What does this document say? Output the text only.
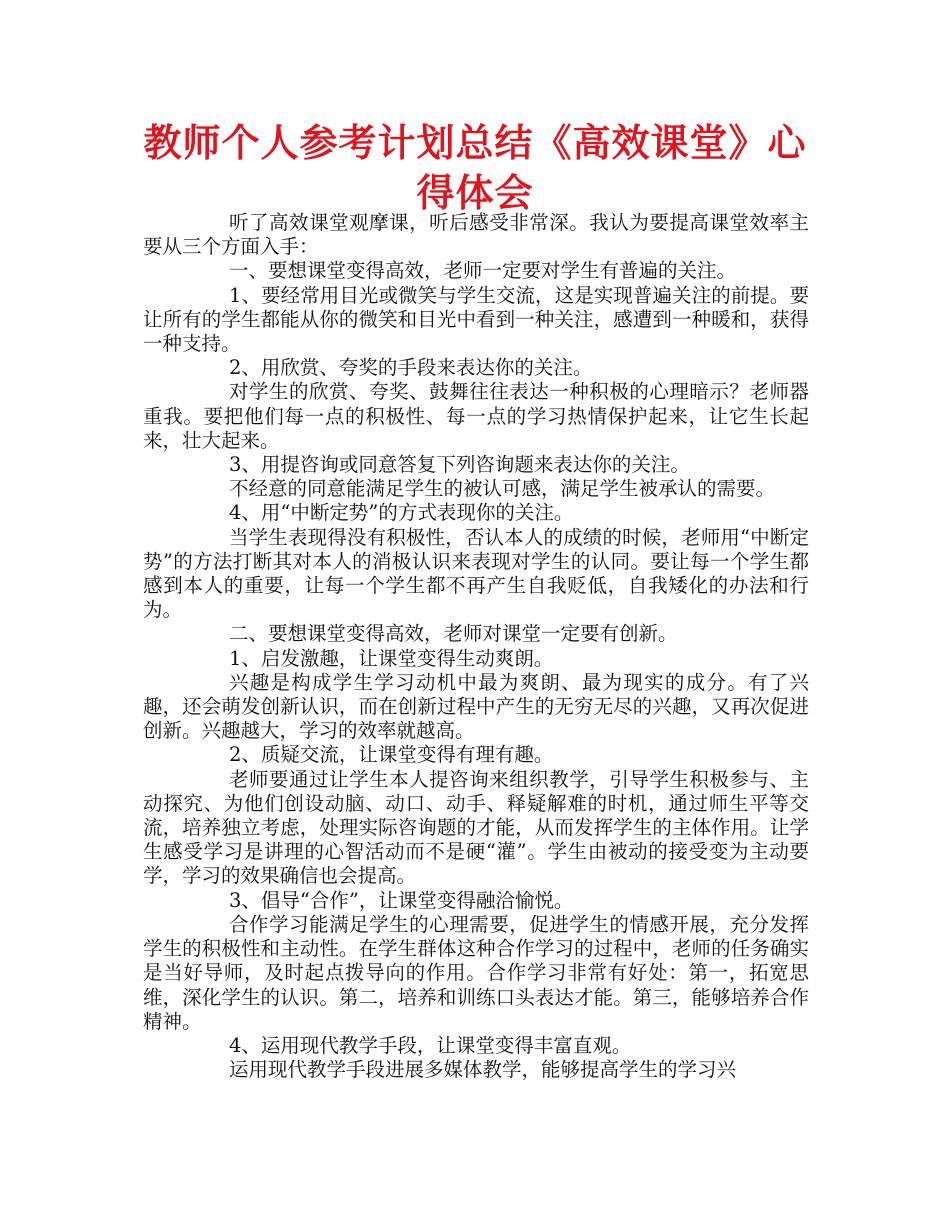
教师个人参考计划总结《高效课堂》心得体会

听了高效课堂观摩课，听后感受非常深。我认为要提高课堂效率主要从三个方面入手：

一、要想课堂变得高效，老师一定要对学生有普遍的关注。

1、要经常用目光或微笑与学生交流，这是实现普遍关注的前提。要让所有的学生都能从你的微笑和目光中看到一种关注，感遭到一种暖和，获得一种支持。

2、用欣赏、夸奖的手段来表达你的关注。

对学生的欣赏、夸奖、鼓舞往往表达一种积极的心理暗示？老师器重我。要把他们每一点的积极性、每一点的学习热情保护起来，让它生长起来，壮大起来。

3、用提咨询或同意答复下列咨询题来表达你的关注。

不经意的同意能满足学生的被认可感，满足学生被承认的需要。

4、用“中断定势”的方式表现你的关注。

当学生表现得没有积极性，否认本人的成绩的时候，老师用“中断定势”的方法打断其对本人的消极认识来表现对学生的认同。要让每一个学生都感到本人的重要，让每一个学生都不再产生自我贬低，自我矮化的办法和行为。

二、要想课堂变得高效，老师对课堂一定要有创新。

1、启发激趣，让课堂变得生动爽朗。

兴趣是构成学生学习动机中最为爽朗、最为现实的成分。有了兴趣，还会萌发创新认识，而在创新过程中产生的无穷无尽的兴趣，又再次促进创新。兴趣越大，学习的效率就越高。

2、质疑交流，让课堂变得有理有趣。

老师要通过让学生本人提咨询来组织教学，引导学生积极参与、主动探究、为他们创设动脑、动口、动手、释疑解难的时机，通过师生平等交流，培养独立考虑，处理实际咨询题的才能，从而发挥学生的主体作用。让学生感受学习是讲理的心智活动而不是硬“灌”。学生由被动的接受变为主动要学，学习的效果确信也会提高。

3、倡导“合作”，让课堂变得融洽愉悦。

合作学习能满足学生的心理需要，促进学生的情感开展，充分发挥学生的积极性和主动性。在学生群体这种合作学习的过程中，老师的任务确实是当好导师，及时起点拨导向的作用。合作学习非常有好处：第一，拓宽思维，深化学生的认识。第二，培养和训练口头表达才能。第三，能够培养合作精神。

4、运用现代教学手段，让课堂变得丰富直观。

运用现代教学手段进展多媒体教学，能够提高学生的学习兴
